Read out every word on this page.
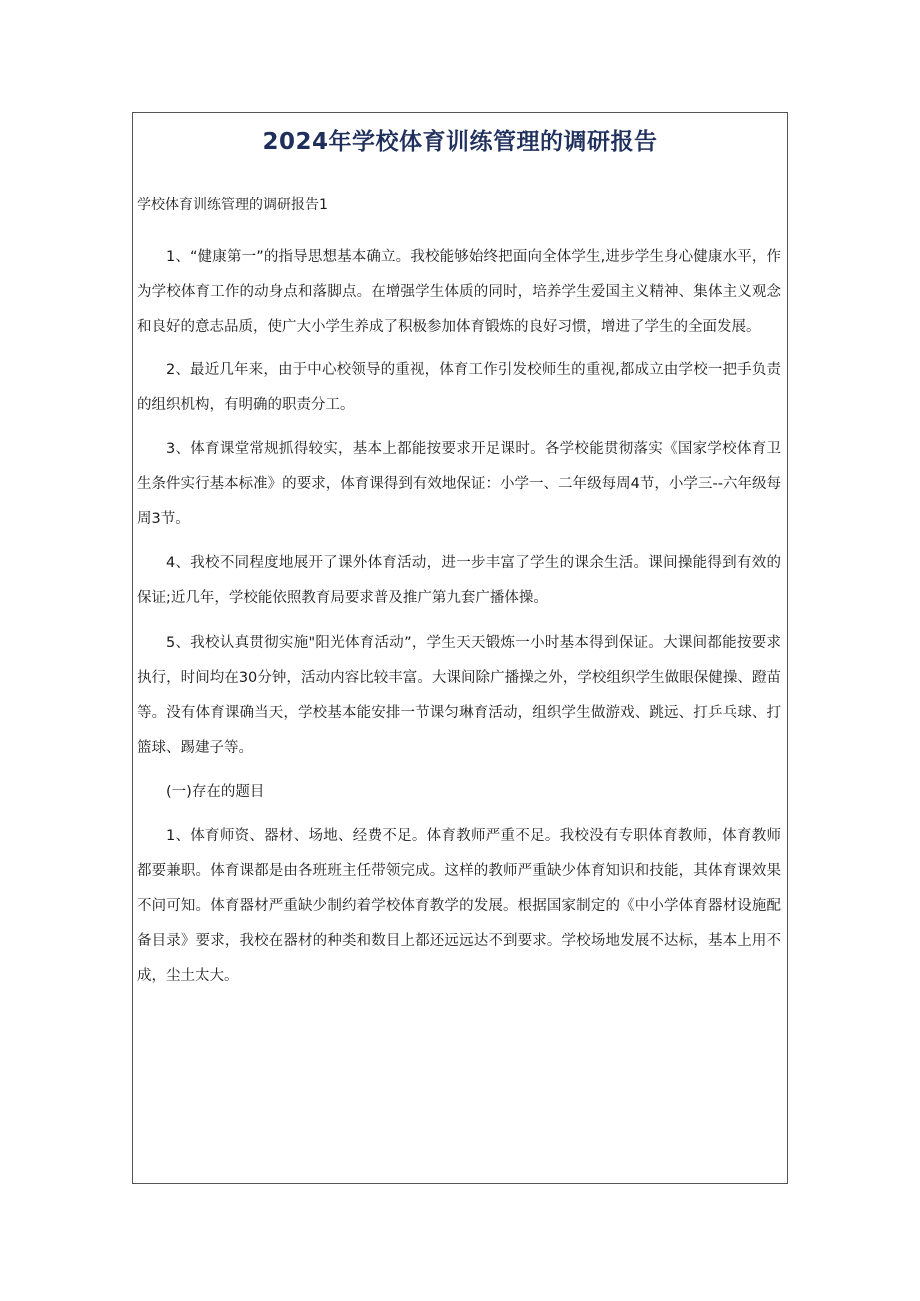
2024年学校体育训练管理的调研报告

学校体育训练管理的调研报告1

1、“健康第一”的指导思想基本确立。我校能够始终把面向全体学生,进步学生身心健康水平，作为学校体育工作的动身点和落脚点。在增强学生体质的同时，培养学生爱国主义精神、集体主义观念和良好的意志品质，使广大小学生养成了积极参加体育锻炼的良好习惯，增进了学生的全面发展。

2、最近几年来，由于中心校领导的重视，体育工作引发校师生的重视,都成立由学校一把手负责的组织机构，有明确的职责分工。

3、体育课堂常规抓得较实，基本上都能按要求开足课时。各学校能贯彻落实《国家学校体育卫生条件实行基本标准》的要求，体育课得到有效地保证：小学一、二年级每周4节，小学三--六年级每周3节。

4、我校不同程度地展开了课外体育活动，进一步丰富了学生的课余生活。课间操能得到有效的保证;近几年，学校能依照教育局要求普及推广第九套广播体操。

5、我校认真贯彻实施"阳光体育活动”，学生天天锻炼一小时基本得到保证。大课间都能按要求执行，时间均在30分钟，活动内容比较丰富。大课间除广播操之外，学校组织学生做眼保健操、蹬苗等。没有体育课确当天，学校基本能安排一节课匀琳育活动，组织学生做游戏、跳远、打乒乓球、打篮球、踢建子等。

(一)存在的题目

1、体育师资、器材、场地、经费不足。体育教师严重不足。我校没有专职体育教师，体育教师都要兼职。体育课都是由各班班主任带领完成。这样的教师严重缺少体育知识和技能，其体育课效果不问可知。体育器材严重缺少制约着学校体育教学的发展。根据国家制定的《中小学体育器材设施配备目录》要求，我校在器材的种类和数目上都还远远达不到要求。学校场地发展不达标，基本上用不成，尘土太大。
